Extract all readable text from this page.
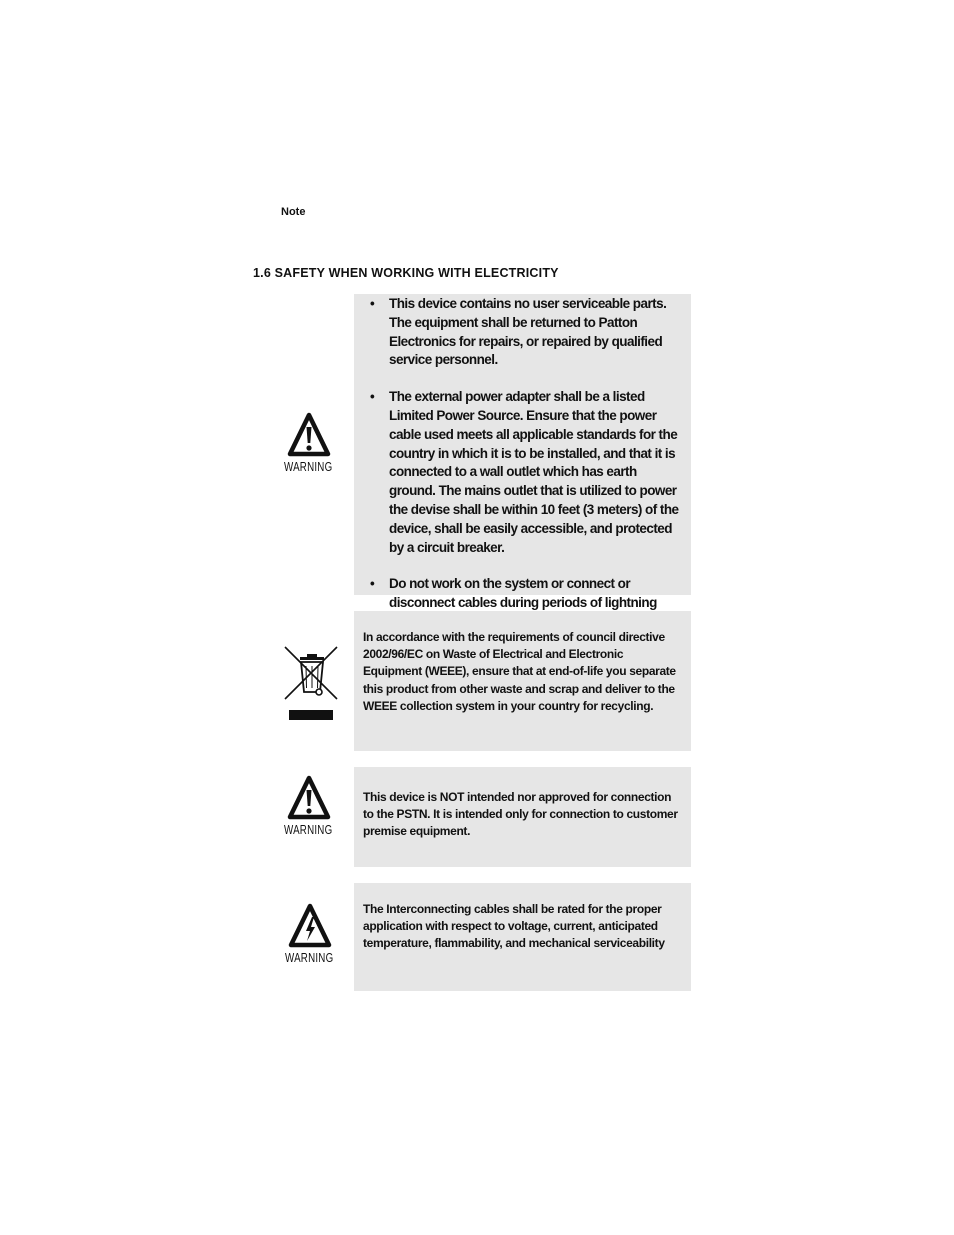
Note
1.6 SAFETY WHEN WORKING WITH ELECTRICITY
WARNING
• This device contains no user serviceable parts. The equipment shall be returned to Patton Electronics for repairs, or repaired by qualified service personnel.
• The external power adapter shall be a listed Limited Power Source. Ensure that the power cable used meets all applicable standards for the country in which it is to be installed, and that it is connected to a wall outlet which has earth ground. The mains outlet that is utilized to power the devise shall be within 10 feet (3 meters) of the device, shall be easily accessible, and protected by a circuit breaker.
• Do not work on the system or connect or disconnect cables during periods of lightning

In accordance with the requirements of council directive 2002/96/EC on Waste of Electrical and Electronic Equipment (WEEE), ensure that at end-of-life you separate this product from other waste and scrap and deliver to the WEEE collection system in your country for recycling.

WARNING

This device is NOT intended nor approved for connection to the PSTN. It is intended only for connection to customer premise equipment.

WARNING

The Interconnecting cables shall be rated for the proper application with respect to voltage, current, anticipated temperature, flammability, and mechanical serviceability
